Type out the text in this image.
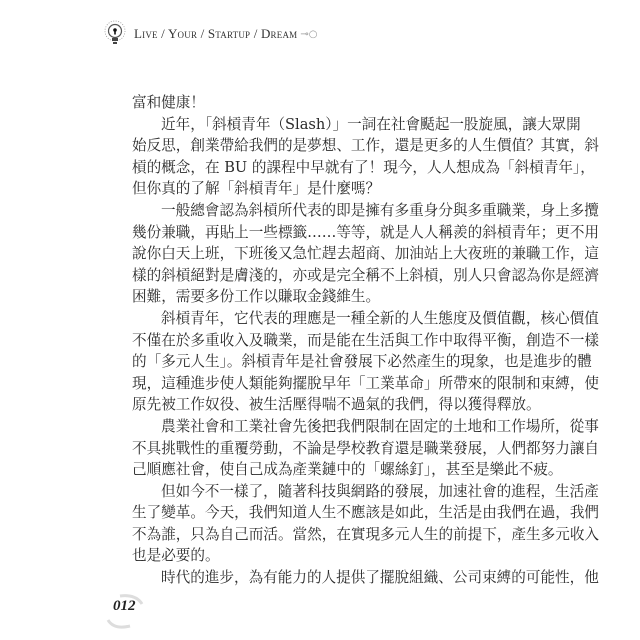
Live / Your / Startup / Dream ⊸○
富和健康！
近年，「斜槓青年（Slash）」一詞在社會颳起一股旋風，讓大眾開
始反思，創業帶給我們的是夢想、工作，還是更多的人生價值？其實，斜
槓的概念，在 BU 的課程中早就有了！現今，人人想成為「斜槓青年」，
但你真的了解「斜槓青年」是什麼嗎？
一般總會認為斜槓所代表的即是擁有多重身分與多重職業，身上多攬
幾份兼職，再貼上一些標籤……等等，就是人人稱羨的斜槓青年；更不用
說你白天上班，下班後又急忙趕去超商、加油站上大夜班的兼職工作，這
樣的斜槓絕對是膚淺的，亦或是完全稱不上斜槓，別人只會認為你是經濟
困難，需要多份工作以賺取金錢維生。
斜槓青年，它代表的理應是一種全新的人生態度及價值觀，核心價值
不僅在於多重收入及職業，而是能在生活與工作中取得平衡，創造不一樣
的「多元人生」。斜槓青年是社會發展下必然產生的現象，也是進步的體
現，這種進步使人類能夠擺脫早年「工業革命」所帶來的限制和束縛，使
原先被工作奴役、被生活壓得喘不過氣的我們，得以獲得釋放。
農業社會和工業社會先後把我們限制在固定的土地和工作場所，從事
不具挑戰性的重覆勞動，不論是學校教育還是職業發展，人們都努力讓自
己順應社會，使自己成為產業鏈中的「螺絲釘」，甚至是樂此不疲。
但如今不一樣了，隨著科技與網路的發展，加速社會的進程，生活產
生了變革。今天，我們知道人生不應該是如此，生活是由我們在過，我們
不為誰，只為自己而活。當然，在實現多元人生的前提下，產生多元收入
也是必要的。
時代的進步，為有能力的人提供了擺脫組織、公司束縛的可能性，他
012
